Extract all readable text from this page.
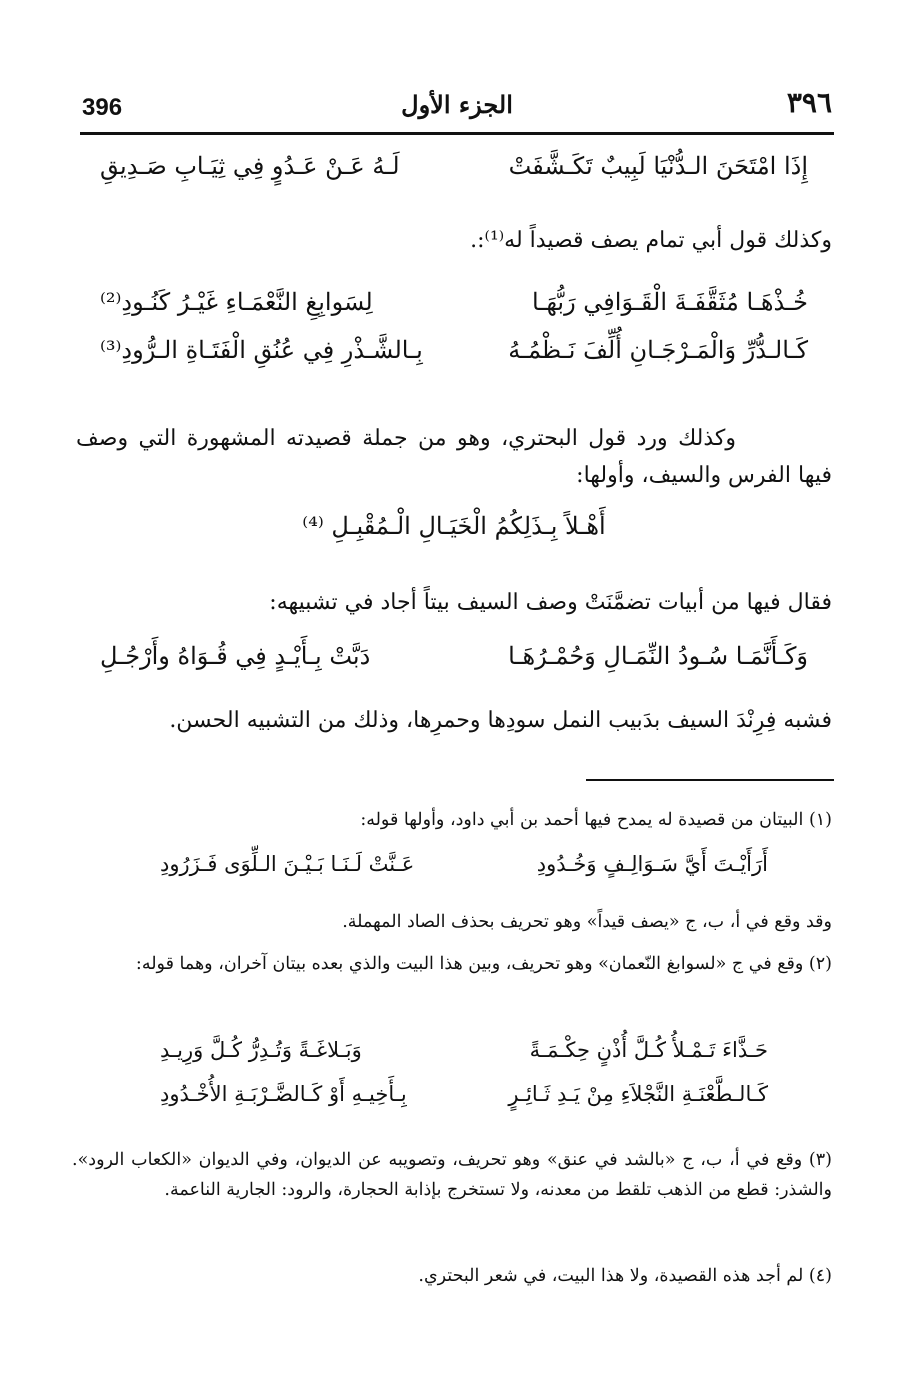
٣٩٦
الجزء الأول
396
إِذَا امْتَحَنَ الـدُّنْيَا لَبِيبٌ تَكَـشَّفَتْ
لَـهُ عَـنْ عَـدُوٍ فِي ثِيَـابِ صَـدِيقِ
وكذلك قول أبي تمام يصف قصيداً له⁽¹⁾:.
خُـذْهَـا مُثَقَّفَـةَ الْقَـوَافِي رَبُّهَـا
لِسَوابِغِ النَّعْمَـاءِ غَيْـرُ كَنُـودِ⁽²⁾
كَـالـدُّرِّ وَالْمَـرْجَـانِ أُلِّفَ نَـظْمُـهُ
بِـالشَّـذْرِ فِي عُنُقِ الْفَتَـاةِ الـرُّودِ⁽³⁾
وكذلك ورد قول البحتري، وهو من جملة قصيدته المشهورة التي وصف فيها الفرس والسيف، وأولها:
أَهْـلاً بِـذَلِكُمُ الْخَيَـالِ الْـمُقْبِـلِ ⁽⁴⁾
فقال فيها من أبيات تضمَّنَتْ وصف السيف بيتاً أجاد في تشبيهه:
وَكَـأَنَّمَـا سُـودُ النِّمَـالِ وَحُمْـرُهَـا
دَبَّتْ بِـأَيْـدٍ فِي قُـوَاهُ وأَرْجُـلِ
فشبه فِرِنْدَ السيف بدَبيب النمل سودِها وحمرِها، وذلك من التشبيه الحسن.
(١) البيتان من قصيدة له يمدح فيها أحمد بن أبي داود، وأولها قوله:
أَرَأَيْـتَ أَيَّ سَـوَالِـفٍ وَخُـدُودِ
عَـنَّتْ لَـنَـا بَـيْـنَ الـلِّوَى فَـزَرُودِ
وقد وقع في أ، ب، ج «يصف قيداً» وهو تحريف بحذف الصاد المهملة.
(٢) وقع في ج «لسوابغ النّعمان» وهو تحريف، وبين هذا البيت والذي بعده بيتان آخران، وهما قوله:
حَـذَّاءَ تَـمْـلأُ كُـلَّ أُذْنٍ حِكْـمَـةً
وَبَـلاغَـةً وَتُـدِرُّ كُـلَّ وَرِيـدِ
كَـالـطَّعْنَـةِ النَّجْلاَءِ مِنْ يَـدِ ثَـائِـرٍ
بِـأَخِيـهِ أَوْ كَـالضَّـرْبَـةِ الأُخْـدُودِ
(٣) وقع في أ، ب، ج «بالشد في عنق» وهو تحريف، وتصويبه عن الديوان، وفي الديوان «الكعاب الرود». والشذر: قطع من الذهب تلقط من معدنه، ولا تستخرج بإذابة الحجارة، والرود: الجارية الناعمة.
(٤) لم أجد هذه القصيدة، ولا هذا البيت، في شعر البحتري.
